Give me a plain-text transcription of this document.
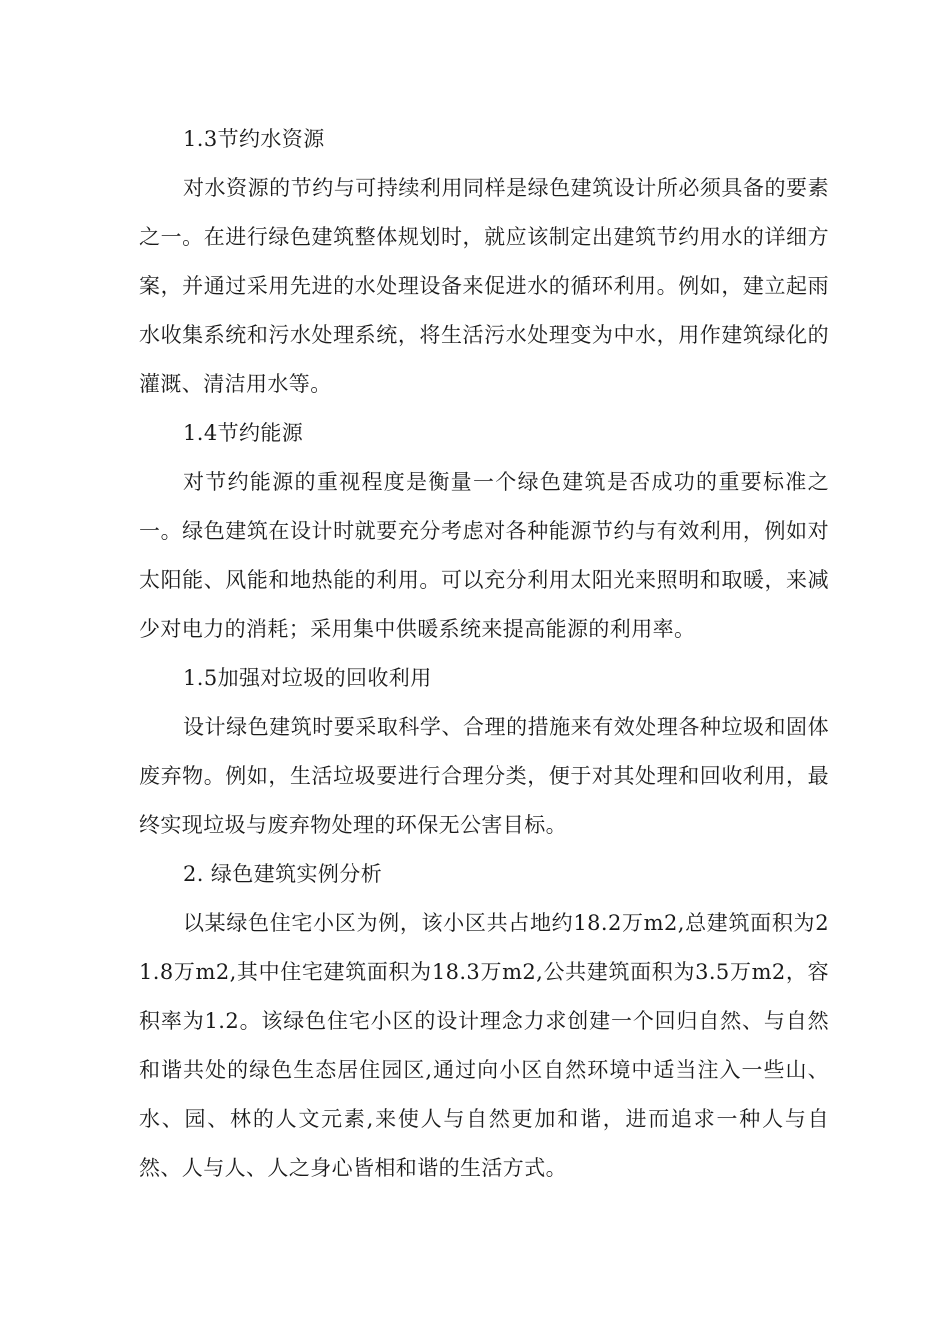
1.3节约水资源

对水资源的节约与可持续利用同样是绿色建筑设计所必须具备的要素之一。在进行绿色建筑整体规划时，就应该制定出建筑节约用水的详细方案，并通过采用先进的水处理设备来促进水的循环利用。例如，建立起雨水收集系统和污水处理系统，将生活污水处理变为中水，用作建筑绿化的灌溉、清洁用水等。

1.4节约能源

对节约能源的重视程度是衡量一个绿色建筑是否成功的重要标准之一。绿色建筑在设计时就要充分考虑对各种能源节约与有效利用，例如对太阳能、风能和地热能的利用。可以充分利用太阳光来照明和取暖，来减少对电力的消耗；采用集中供暖系统来提高能源的利用率。

1.5加强对垃圾的回收利用

设计绿色建筑时要采取科学、合理的措施来有效处理各种垃圾和固体废弃物。例如，生活垃圾要进行合理分类，便于对其处理和回收利用，最终实现垃圾与废弃物处理的环保无公害目标。

2. 绿色建筑实例分析

以某绿色住宅小区为例，该小区共占地约18.2万m2,总建筑面积为21.8万m2,其中住宅建筑面积为18.3万m2,公共建筑面积为3.5万m2，容积率为1.2。该绿色住宅小区的设计理念力求创建一个回归自然、与自然和谐共处的绿色生态居住园区,通过向小区自然环境中适当注入一些山、水、园、林的人文元素,来使人与自然更加和谐，进而追求一种人与自然、人与人、人之身心皆相和谐的生活方式。
